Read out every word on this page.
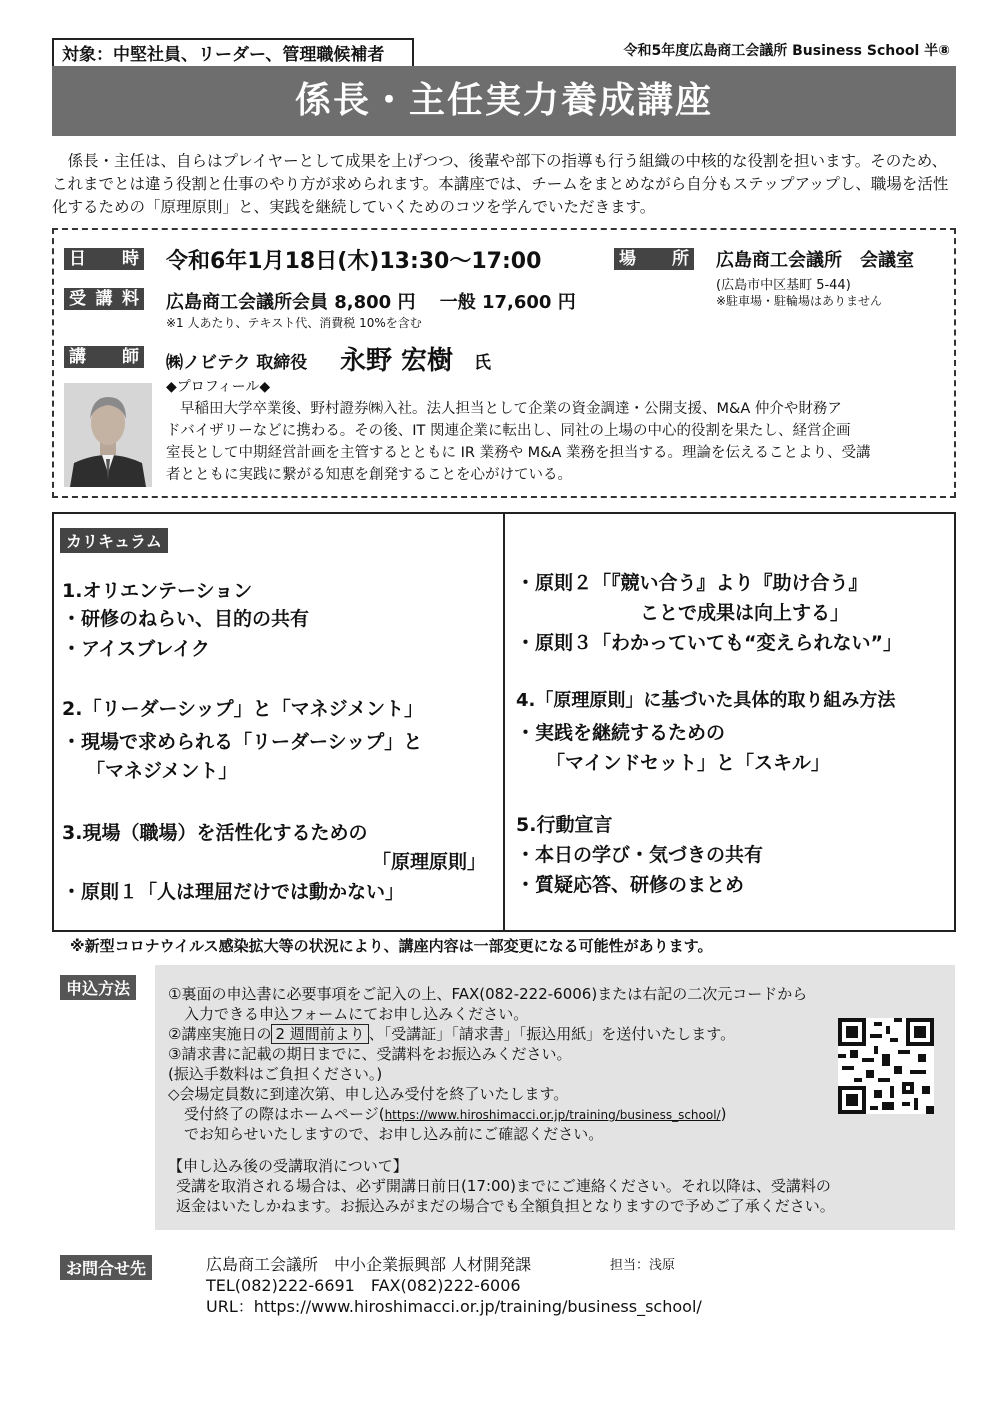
対象：中堅社員、リーダー、管理職候補者	令和5年度広島商工会議所 Business School 半⑧
係長・主任実力養成講座
係長・主任は、自らはプレイヤーとして成果を上げつつ、後輩や部下の指導も行う組織の中核的な役割を担います。そのため、これまでとは違う役割と仕事のやり方が求められます。本講座では、チームをまとめながら自分もステップアップし、職場を活性化するための「原理原則」と、実践を継続していくためのコツを学んでいただきます。
日 時 令和6年1月18日(木)13:30〜17:00	場 所 広島商工会議所　会議室
(広島市中区基町 5-44)
※駐車場・駐輪場はありません
受 講 料 広島商工会議所会員 8,800 円　 一般 17,600 円
※1 人あたり、テキスト代、消費税 10%を含む
講 師 ㈱ノビテク 取締役 永野 宏樹 氏
◆プロフィール◆
早稲田大学卒業後、野村證券㈱入社。法人担当として企業の資金調達・公開支援、M&A 仲介や財務ア
ドバイザリーなどに携わる。その後、IT 関連企業に転出し、同社の上場の中心的役割を果たし、経営企画
室長として中期経営計画を主管するとともに IR 業務や M&A 業務を担当する。理論を伝えることより、受講
者とともに実践に繋がる知恵を創発することを心がけている。
カリキュラム
1.オリエンテーション
・研修のねらい、目的の共有
・アイスブレイク
2.「リーダーシップ」と「マネジメント」
・現場で求められる「リーダーシップ」と
「マネジメント」
3.現場（職場）を活性化するための
「原理原則」
・原則１「人は理屈だけでは動かない」
・原則２「『競い合う』より『助け合う』
ことで成果は向上する」
・原則３「わかっていても“変えられない”」
4.「原理原則」に基づいた具体的取り組み方法
・実践を継続するための
「マインドセット」と「スキル」
5.行動宣言
・本日の学び・気づきの共有
・質疑応答、研修のまとめ
※新型コロナウイルス感染拡大等の状況により、講座内容は一部変更になる可能性があります。
申込方法	①裏面の申込書に必要事項をご記入の上、FAX(082-222-6006)または右記の二次元コードから
入力できる申込フォームにてお申し込みください。
②講座実施日の 2 週間前より 、「受講証」「請求書」「振込用紙」を送付いたします。
③請求書に記載の期日までに、受講料をお振込みください。
(振込手数料はご負担ください。)
◇会場定員数に到達次第、申し込み受付を終了いたします。
受付終了の際はホームページ(https://www.hiroshimacci.or.jp/training/business_school/)
でお知らせいたしますので、お申し込み前にご確認ください。
【申し込み後の受講取消について】
受講を取消される場合は、必ず開講日前日(17:00)までにご連絡ください。それ以降は、受講料の
返金はいたしかねます。お振込みがまだの場合でも全額負担となりますので予めご了承ください。
お問合せ先	広島商工会議所　中小企業振興部 人材開発課	担当：浅原
TEL(082)222-6691　FAX(082)222-6006
URL：https://www.hiroshimacci.or.jp/training/business_school/
